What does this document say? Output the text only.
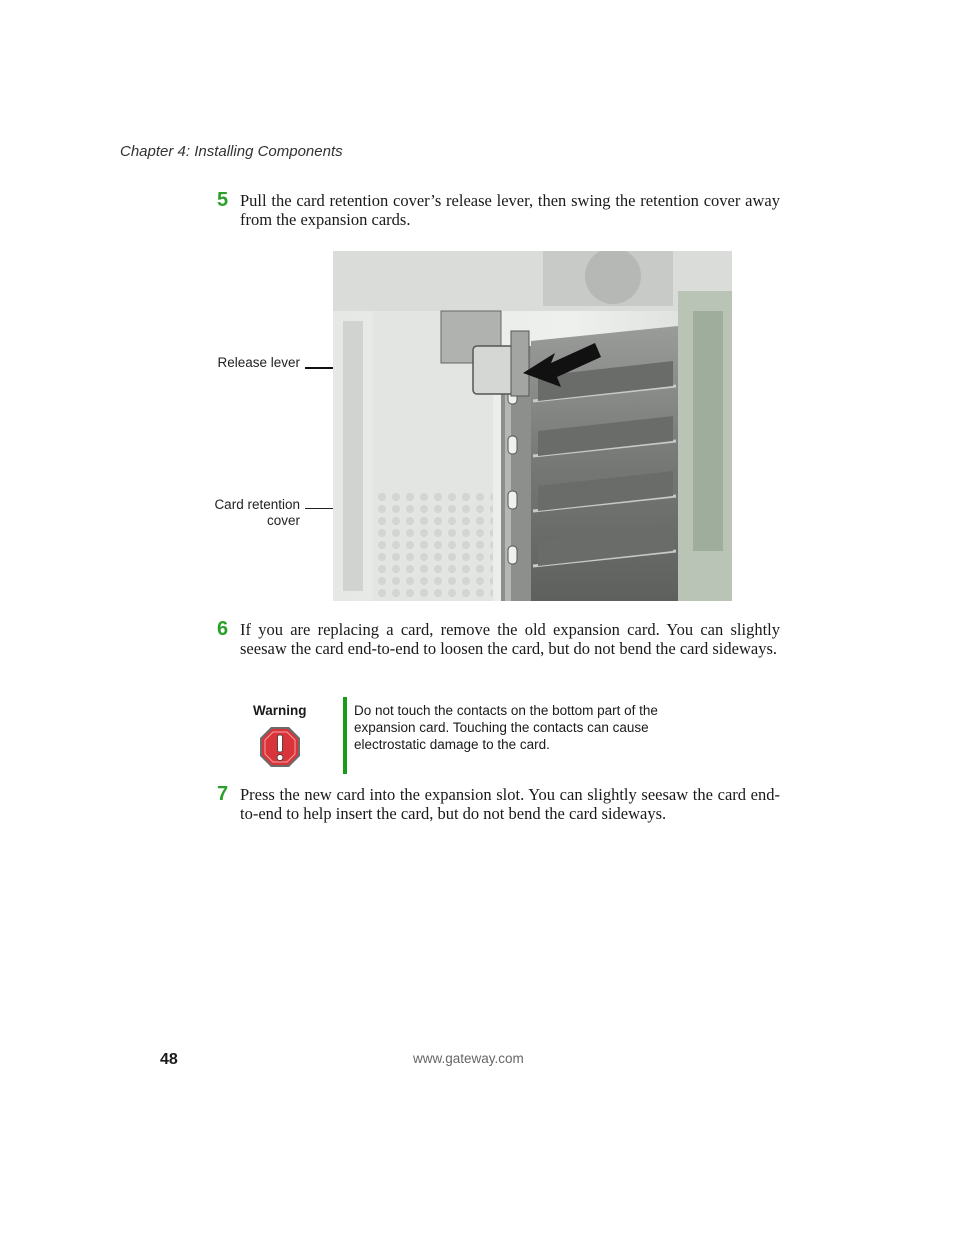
Chapter 4: Installing Components
5 Pull the card retention cover’s release lever, then swing the retention cover away from the expansion cards.
Release lever
Card retention
cover
6 If you are replacing a card, remove the old expansion card. You can slightly seesaw the card end-to-end to loosen the card, but do not bend the card sideways.
Warning	Do not touch the contacts on the bottom part of the expansion card. Touching the contacts can cause electrostatic damage to the card.
7 Press the new card into the expansion slot. You can slightly seesaw the card end-to-end to help insert the card, but do not bend the card sideways.
48	www.gateway.com
